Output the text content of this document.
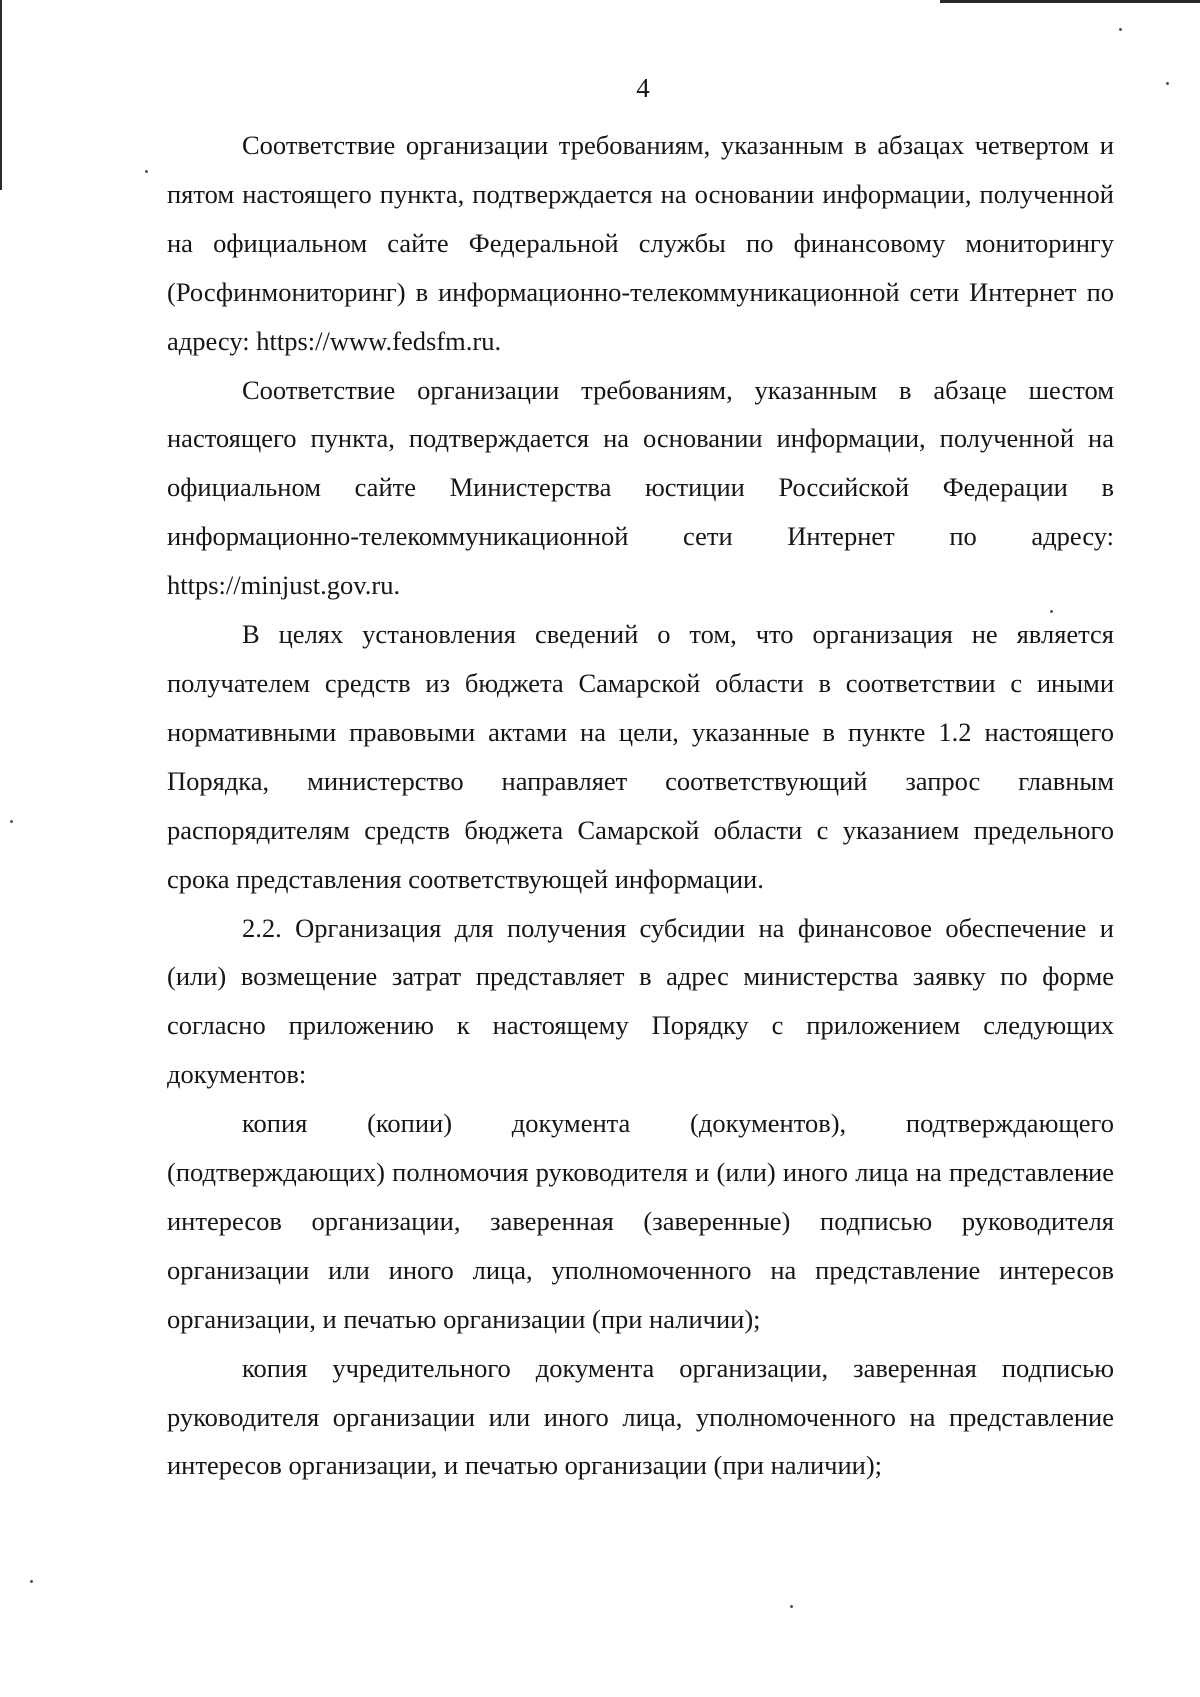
4

Соответствие организации требованиям, указанным в абзацах четвертом и пятом настоящего пункта, подтверждается на основании информации, полученной на официальном сайте Федеральной службы по финансовому мониторингу (Росфинмониторинг) в информационно-телекоммуникационной сети Интернет по адресу: https://www.fedsfm.ru.

Соответствие организации требованиям, указанным в абзаце шестом настоящего пункта, подтверждается на основании информации, полученной на официальном сайте Министерства юстиции Российской Федерации в информационно-телекоммуникационной сети Интернет по адресу: https://minjust.gov.ru.

В целях установления сведений о том, что организация не является получателем средств из бюджета Самарской области в соответствии с иными нормативными правовыми актами на цели, указанные в пункте 1.2 настоящего Порядка, министерство направляет соответствующий запрос главным распорядителям средств бюджета Самарской области с указанием предельного срока представления соответствующей информации.

2.2. Организация для получения субсидии на финансовое обеспечение и (или) возмещение затрат представляет в адрес министерства заявку по форме согласно приложению к настоящему Порядку с приложением следующих документов:

копия (копии) документа (документов), подтверждающего (подтверждающих) полномочия руководителя и (или) иного лица на представление интересов организации, заверенная (заверенные) подписью руководителя организации или иного лица, уполномоченного на представление интересов организации, и печатью организации (при наличии);

копия учредительного документа организации, заверенная подписью руководителя организации или иного лица, уполномоченного на представление интересов организации, и печатью организации (при наличии);
